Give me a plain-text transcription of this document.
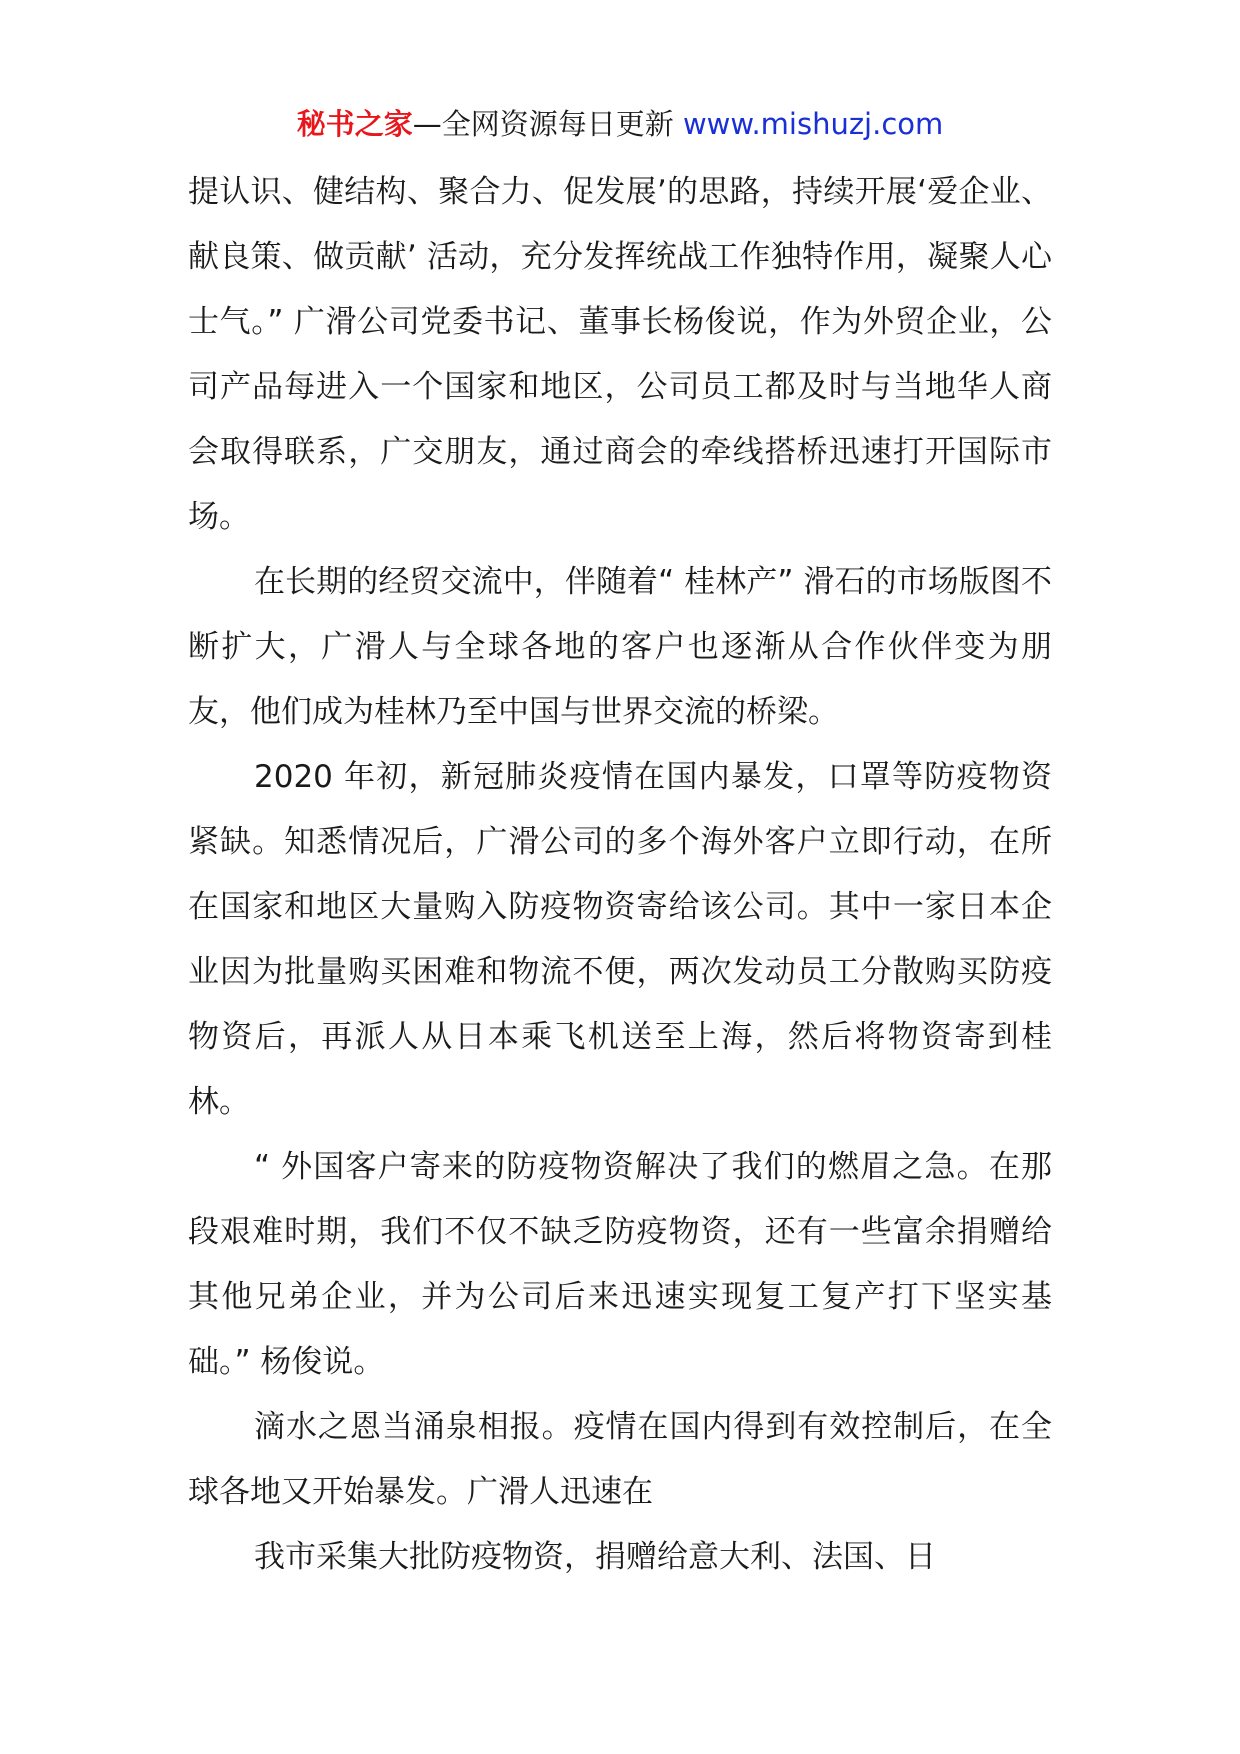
秘书之家—全网资源每日更新 www.mishuzj.com

提认识、健结构、聚合力、促发展’的思路，持续开展‘爱企业、献良策、做贡献’ 活动，充分发挥统战工作独特作用，凝聚人心士气。” 广滑公司党委书记、董事长杨俊说，作为外贸企业，公司产品每进入一个国家和地区，公司员工都及时与当地华人商会取得联系，广交朋友，通过商会的牵线搭桥迅速打开国际市场。

在长期的经贸交流中，伴随着“ 桂林产” 滑石的市场版图不断扩大，广滑人与全球各地的客户也逐渐从合作伙伴变为朋友，他们成为桂林乃至中国与世界交流的桥梁。

2020 年初，新冠肺炎疫情在国内暴发，口罩等防疫物资紧缺。知悉情况后，广滑公司的多个海外客户立即行动，在所在国家和地区大量购入防疫物资寄给该公司。其中一家日本企业因为批量购买困难和物流不便，两次发动员工分散购买防疫物资后，再派人从日本乘飞机送至上海，然后将物资寄到桂林。

“ 外国客户寄来的防疫物资解决了我们的燃眉之急。在那段艰难时期，我们不仅不缺乏防疫物资，还有一些富余捐赠给其他兄弟企业，并为公司后来迅速实现复工复产打下坚实基础。” 杨俊说。

滴水之恩当涌泉相报。疫情在国内得到有效控制后，在全球各地又开始暴发。广滑人迅速在

我市采集大批防疫物资，捐赠给意大利、法国、日
